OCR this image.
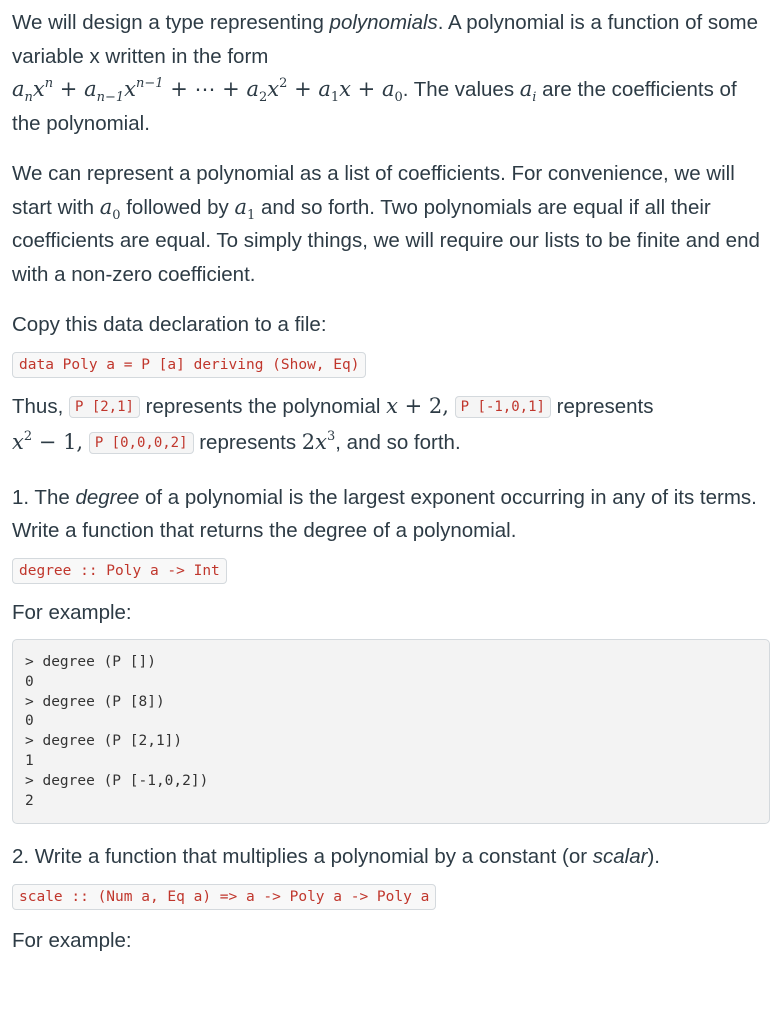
We will design a type representing polynomials. A polynomial is a function of some variable x written in the form
$a_nx^n + a_{n-1}x^{n-1}$ + ⋯ + $a_2x^2 + a_1x + a_0$. The values $a_i$ are the coefficients of the polynomial.

We can represent a polynomial as a list of coefficients. For convenience, we will start with $a_0$ followed by $a_1$ and so forth. Two polynomials are equal if all their coefficients are equal. To simply things, we will require our lists to be finite and end with a non-zero coefficient.

Copy this data declaration to a file:

data Poly a = P [a] deriving (Show, Eq)

Thus, P [2,1] represents the polynomial x + 2, P [-1,0,1] represents
$x^2 - 1$, P [0,0,0,2] represents $2x^3$, and so forth.

1. The degree of a polynomial is the largest exponent occurring in any of its terms. Write a function that returns the degree of a polynomial.

degree :: Poly a -> Int

For example:

> degree (P [])
0
> degree (P [8])
0
> degree (P [2,1])
1
> degree (P [-1,0,2])
2

2. Write a function that multiplies a polynomial by a constant (or scalar).

scale :: (Num a, Eq a) => a -> Poly a -> Poly a

For example:
